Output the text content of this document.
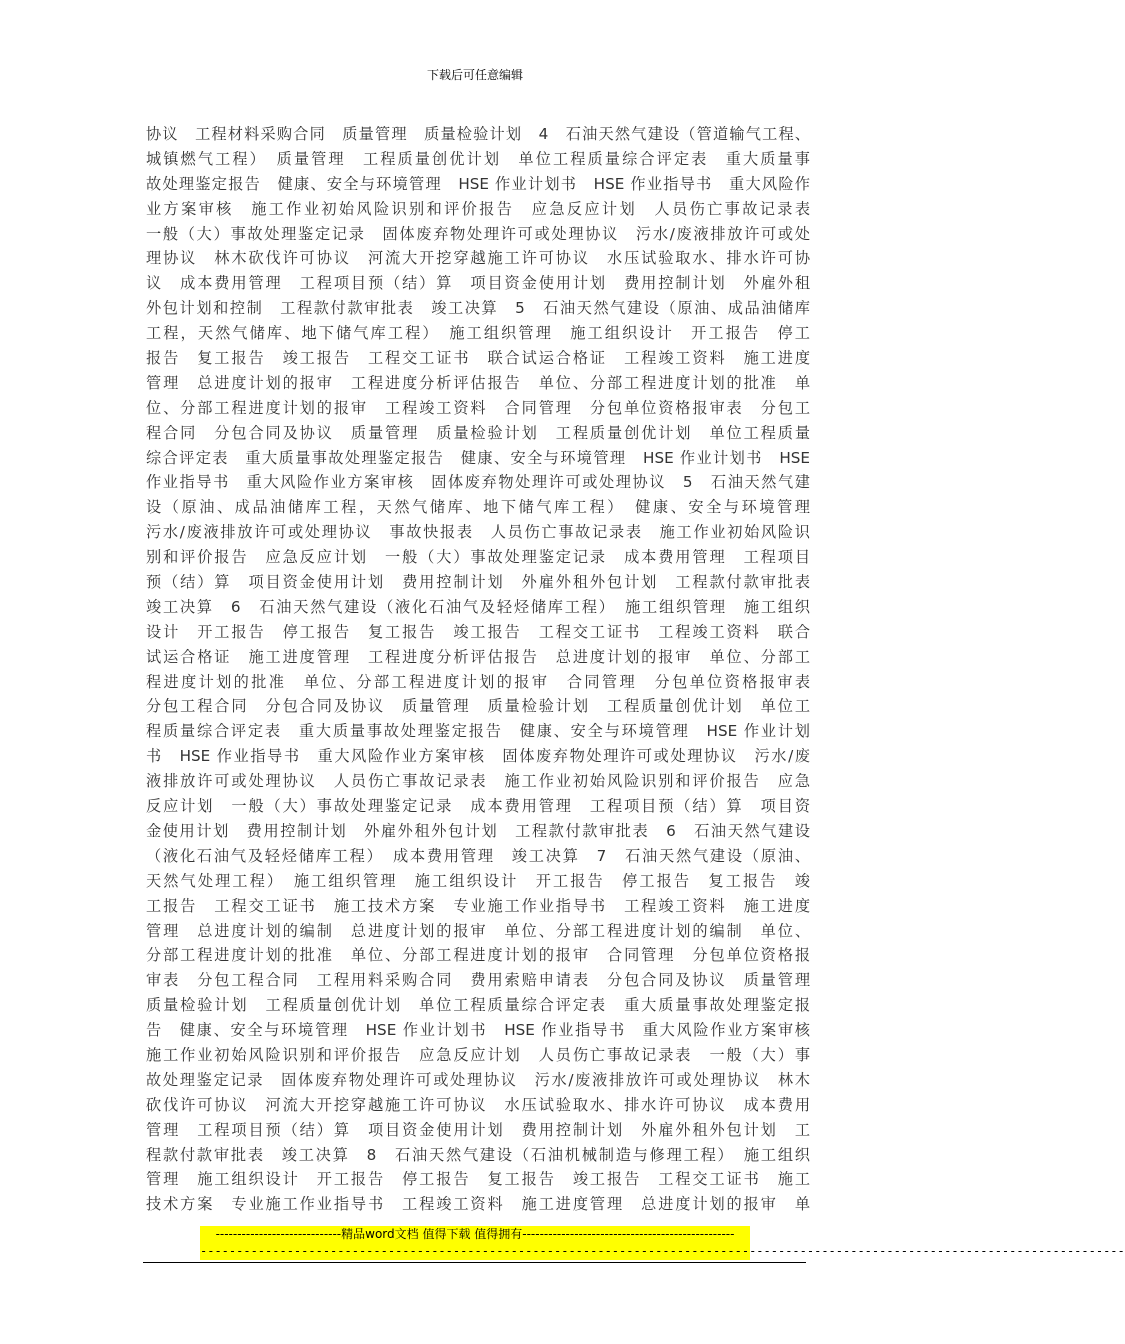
下载后可任意编辑
协议　工程材料采购合同　质量管理　质量检验计划　4　石油天然气建设（管道输气工程、
城镇燃气工程）　质量管理　工程质量创优计划　单位工程质量综合评定表　重大质量事
故处理鉴定报告　健康、安全与环境管理　HSE 作业计划书　HSE 作业指导书　重大风险作
业方案审核　施工作业初始风险识别和评价报告　应急反应计划　人员伤亡事故记录表
一般（大）事故处理鉴定记录　固体废弃物处理许可或处理协议　污水/废液排放许可或处
理协议　林木砍伐许可协议　河流大开挖穿越施工许可协议　水压试验取水、排水许可协
议　成本费用管理　工程项目预（结）算　项目资金使用计划　费用控制计划　外雇外租
外包计划和控制　工程款付款审批表　竣工决算　5　石油天然气建设（原油、成品油储库
工程，天然气储库、地下储气库工程）　施工组织管理　施工组织设计　开工报告　停工
报告　复工报告　竣工报告　工程交工证书　联合试运合格证　工程竣工资料　施工进度
管理　总进度计划的报审　工程进度分析评估报告　单位、分部工程进度计划的批准　单
位、分部工程进度计划的报审　工程竣工资料　合同管理　分包单位资格报审表　分包工
程合同　分包合同及协议　质量管理　质量检验计划　工程质量创优计划　单位工程质量
综合评定表　重大质量事故处理鉴定报告　健康、安全与环境管理　HSE 作业计划书　HSE
作业指导书　重大风险作业方案审核　固体废弃物处理许可或处理协议　5　石油天然气建
设（原油、成品油储库工程，天然气储库、地下储气库工程）　健康、安全与环境管理
污水/废液排放许可或处理协议　事故快报表　人员伤亡事故记录表　施工作业初始风险识
别和评价报告　应急反应计划　一般（大）事故处理鉴定记录　成本费用管理　工程项目
预（结）算　项目资金使用计划　费用控制计划　外雇外租外包计划　工程款付款审批表
竣工决算　6　石油天然气建设（液化石油气及轻烃储库工程）　施工组织管理　施工组织
设计　开工报告　停工报告　复工报告　竣工报告　工程交工证书　工程竣工资料　联合
试运合格证　施工进度管理　工程进度分析评估报告　总进度计划的报审　单位、分部工
程进度计划的批准　单位、分部工程进度计划的报审　合同管理　分包单位资格报审表
分包工程合同　分包合同及协议　质量管理　质量检验计划　工程质量创优计划　单位工
程质量综合评定表　重大质量事故处理鉴定报告　健康、安全与环境管理　HSE 作业计划
书　HSE 作业指导书　重大风险作业方案审核　固体废弃物处理许可或处理协议　污水/废
液排放许可或处理协议　人员伤亡事故记录表　施工作业初始风险识别和评价报告　应急
反应计划　一般（大）事故处理鉴定记录　成本费用管理　工程项目预（结）算　项目资
金使用计划　费用控制计划　外雇外租外包计划　工程款付款审批表　6　石油天然气建设
（液化石油气及轻烃储库工程）　成本费用管理　竣工决算　7　石油天然气建设（原油、
天然气处理工程）　施工组织管理　施工组织设计　开工报告　停工报告　复工报告　竣
工报告　工程交工证书　施工技术方案　专业施工作业指导书　工程竣工资料　施工进度
管理　总进度计划的编制　总进度计划的报审　单位、分部工程进度计划的编制　单位、
分部工程进度计划的批准　单位、分部工程进度计划的报审　合同管理　分包单位资格报
审表　分包工程合同　工程用料采购合同　费用索赔申请表　分包合同及协议　质量管理
质量检验计划　工程质量创优计划　单位工程质量综合评定表　重大质量事故处理鉴定报
告　健康、安全与环境管理　HSE 作业计划书　HSE 作业指导书　重大风险作业方案审核
施工作业初始风险识别和评价报告　应急反应计划　人员伤亡事故记录表　一般（大）事
故处理鉴定记录　固体废弃物处理许可或处理协议　污水/废液排放许可或处理协议　林木
砍伐许可协议　河流大开挖穿越施工许可协议　水压试验取水、排水许可协议　成本费用
管理　工程项目预（结）算　项目资金使用计划　费用控制计划　外雇外租外包计划　工
程款付款审批表　竣工决算　8　石油天然气建设（石油机械制造与修理工程）　施工组织
管理　施工组织设计　开工报告　停工报告　复工报告　竣工报告　工程交工证书　施工
技术方案　专业施工作业指导书　工程竣工资料　施工进度管理　总进度计划的报审　单
-----------------------------精品word文档 值得下载 值得拥有-------------------------------------------------
--------------------------------------------------------------------------------------------------------------------------------
